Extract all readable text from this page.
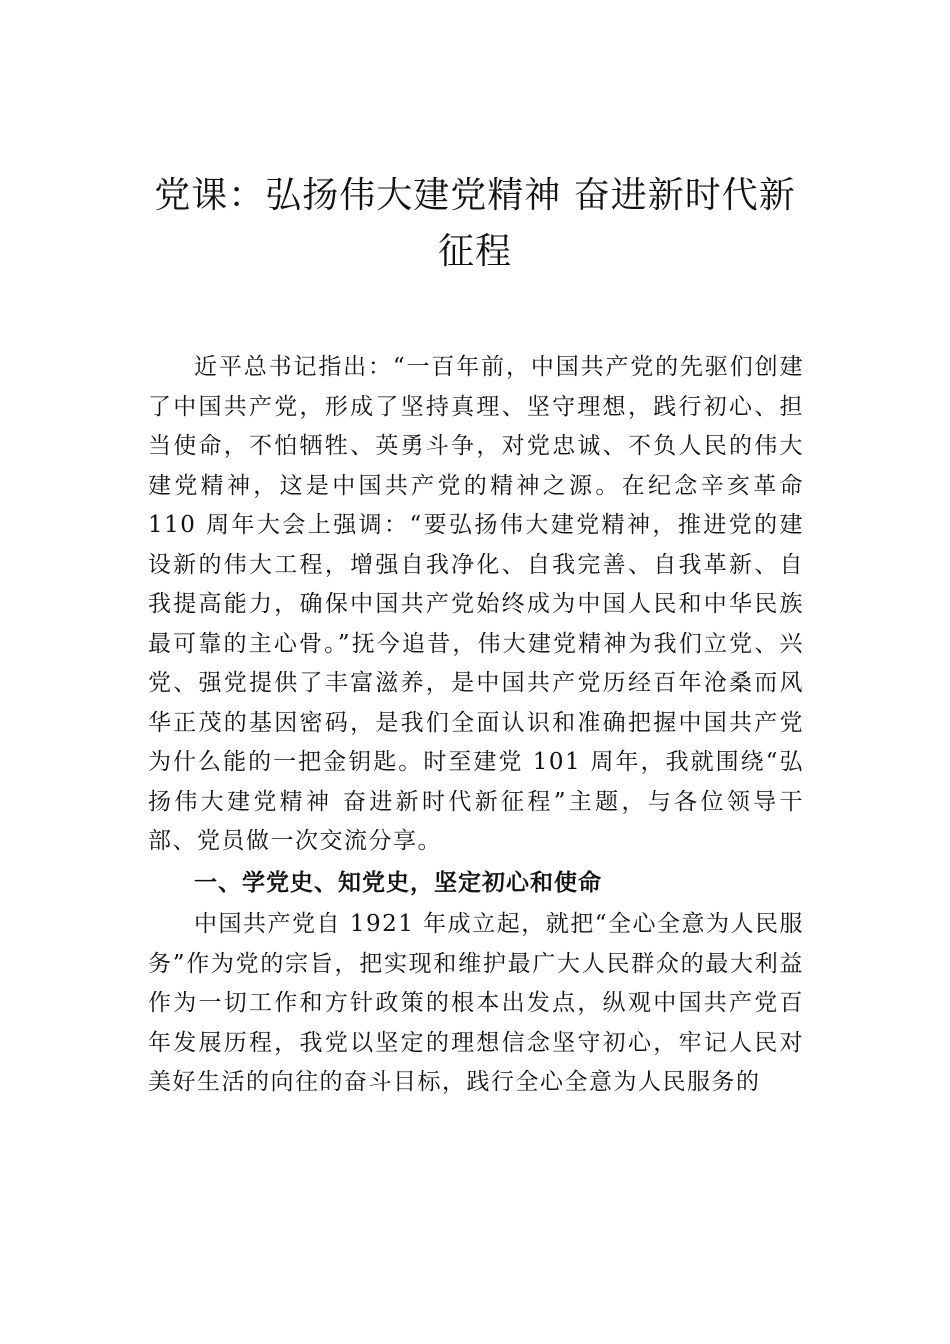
党课：弘扬伟大建党精神 奋进新时代新征程

近平总书记指出：“一百年前，中国共产党的先驱们创建了中国共产党，形成了坚持真理、坚守理想，践行初心、担当使命，不怕牺牲、英勇斗争，对党忠诚、不负人民的伟大建党精神，这是中国共产党的精神之源。在纪念辛亥革命 110 周年大会上强调：“要弘扬伟大建党精神，推进党的建设新的伟大工程，增强自我净化、自我完善、自我革新、自我提高能力，确保中国共产党始终成为中国人民和中华民族最可靠的主心骨。”抚今追昔，伟大建党精神为我们立党、兴党、强党提供了丰富滋养，是中国共产党历经百年沧桑而风华正茂的基因密码，是我们全面认识和准确把握中国共产党为什么能的一把金钥匙。时至建党 101 周年，我就围绕“弘扬伟大建党精神 奋进新时代新征程”主题，与各位领导干部、党员做一次交流分享。

一、学党史、知党史，坚定初心和使命

中国共产党自 1921 年成立起，就把“全心全意为人民服务”作为党的宗旨，把实现和维护最广大人民群众的最大利益作为一切工作和方针政策的根本出发点，纵观中国共产党百年发展历程，我党以坚定的理想信念坚守初心，牢记人民对美好生活的向往的奋斗目标，践行全心全意为人民服务的
